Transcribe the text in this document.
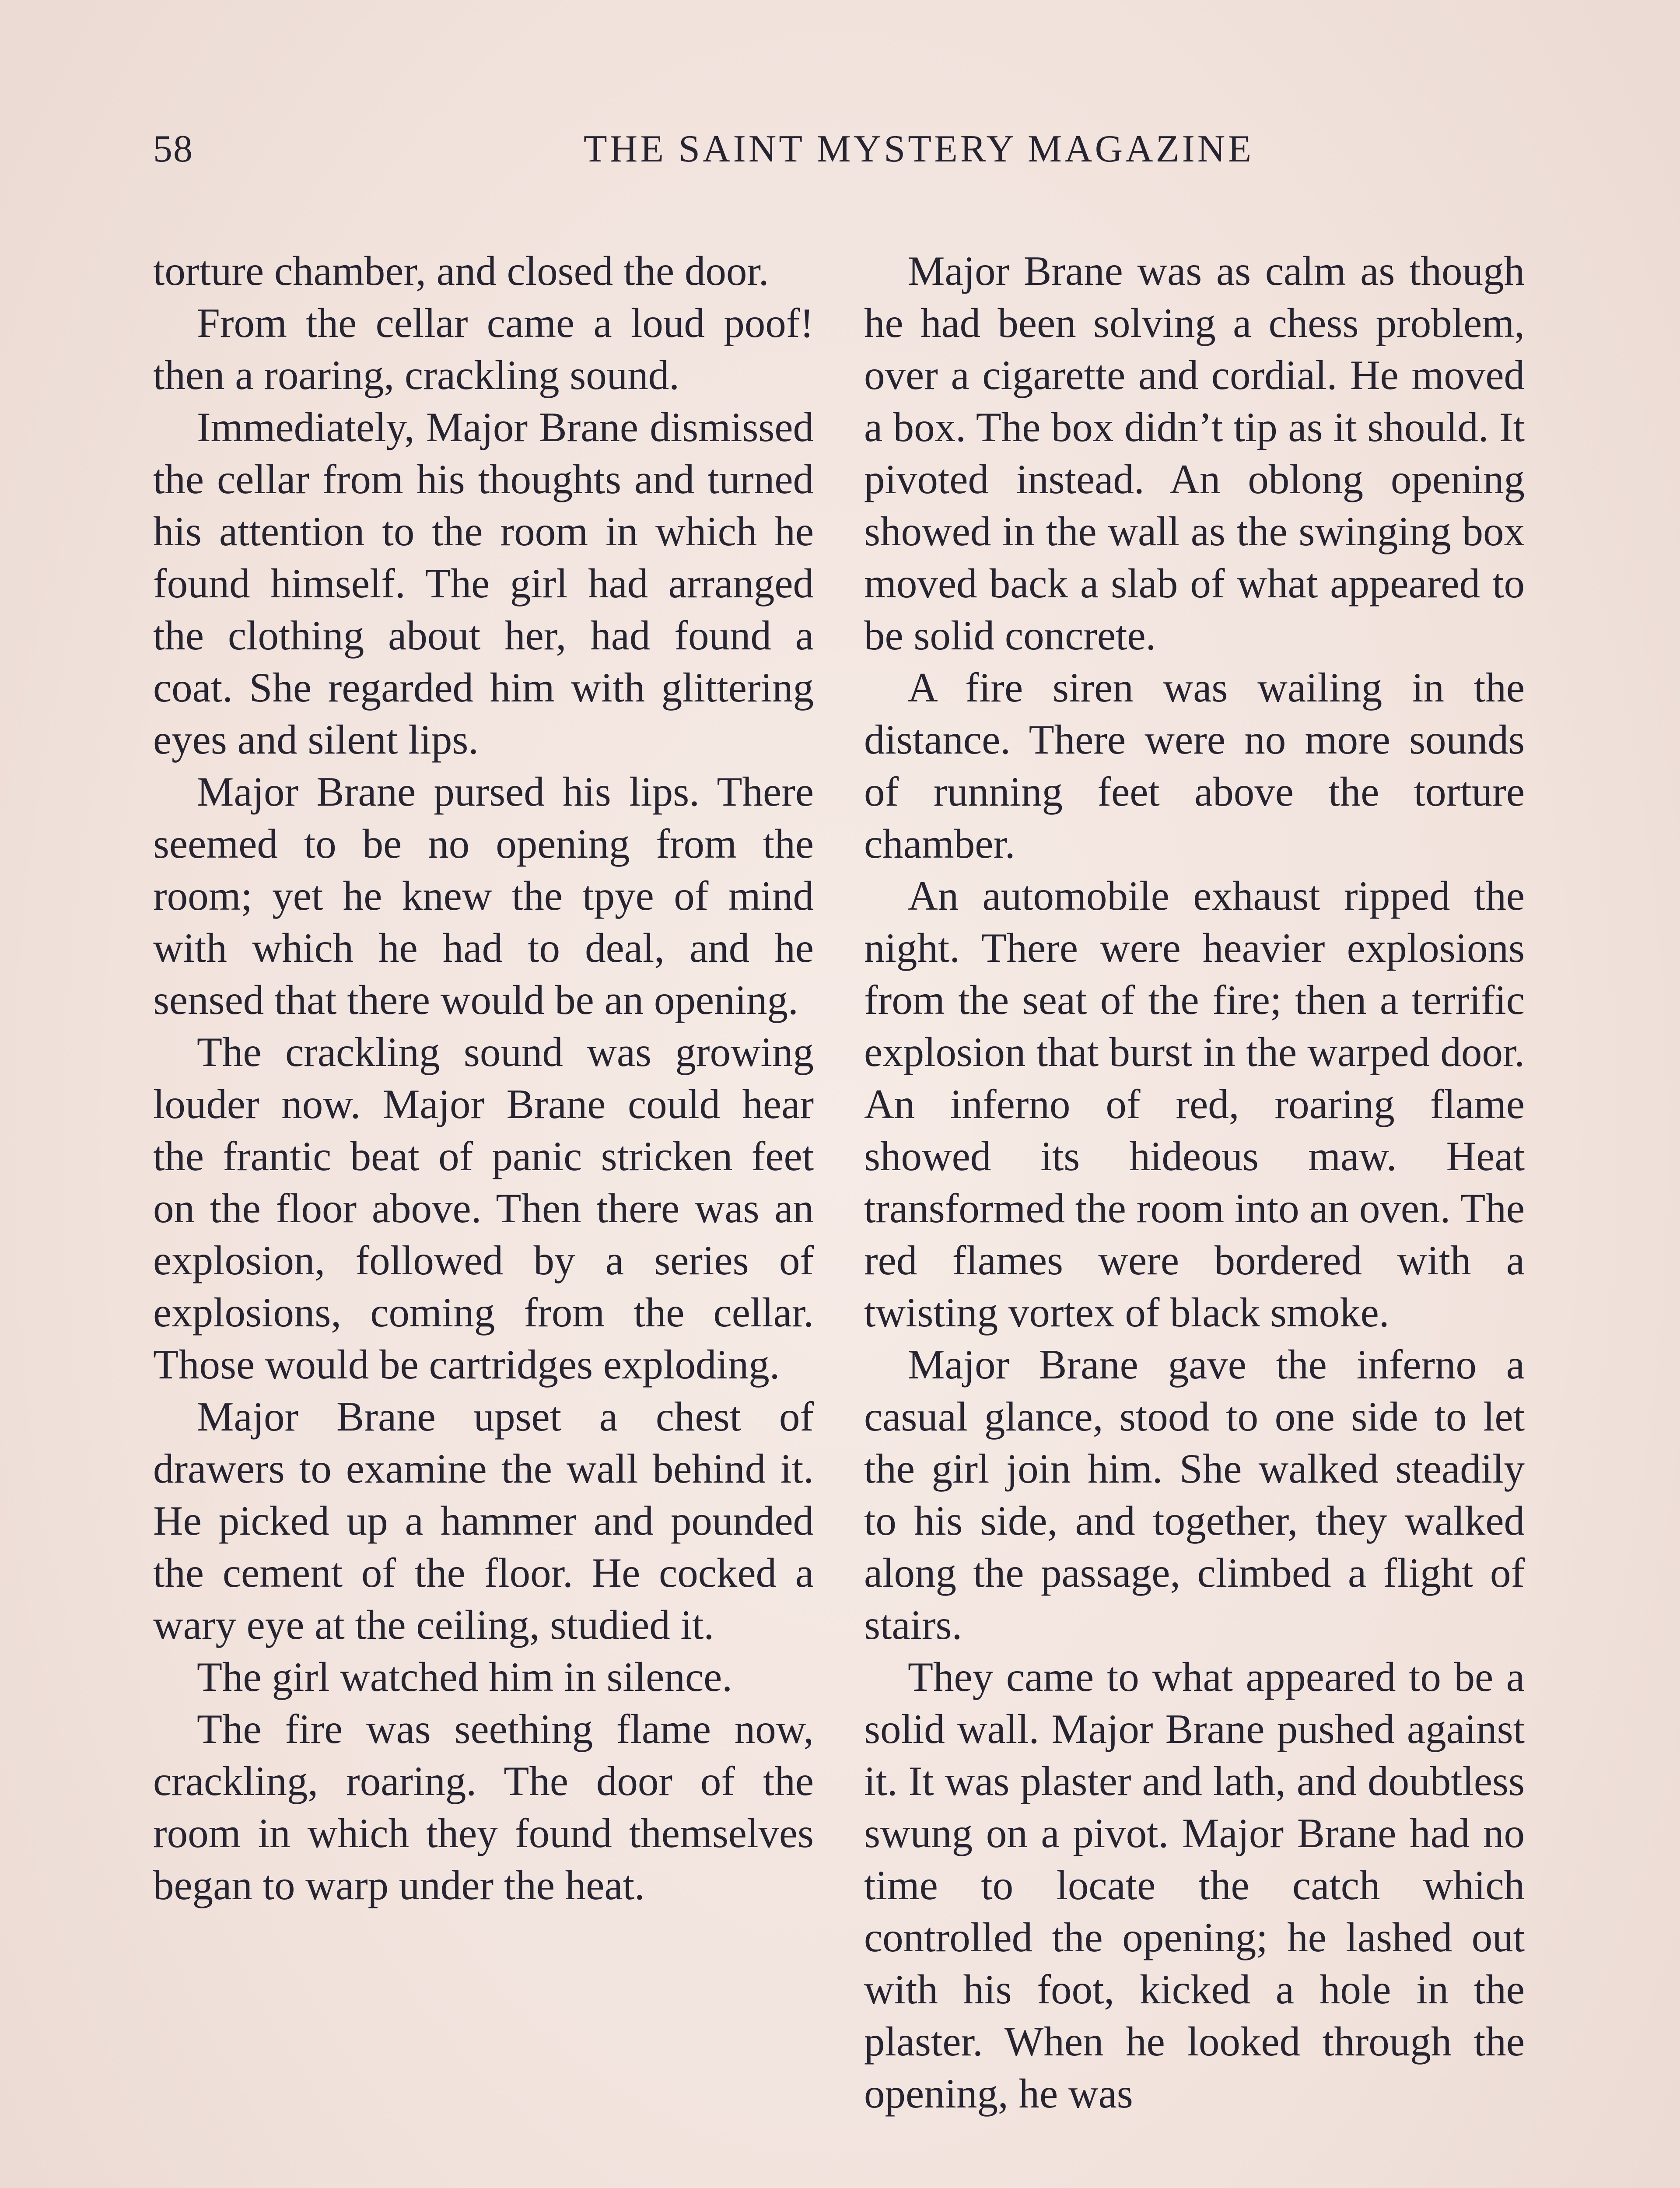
58	THE SAINT MYSTERY MAGAZINE

torture chamber, and closed the door.

From the cellar came a loud poof! then a roaring, crackling sound.

Immediately, Major Brane dismissed the cellar from his thoughts and turned his attention to the room in which he found himself. The girl had arranged the clothing about her, had found a coat. She regarded him with glittering eyes and silent lips.

Major Brane pursed his lips. There seemed to be no opening from the room; yet he knew the tpye of mind with which he had to deal, and he sensed that there would be an opening.

The crackling sound was growing louder now. Major Brane could hear the frantic beat of panic stricken feet on the floor above. Then there was an explosion, followed by a series of explosions, coming from the cellar. Those would be cartridges exploding.

Major Brane upset a chest of drawers to examine the wall behind it. He picked up a hammer and pounded the cement of the floor. He cocked a wary eye at the ceiling, studied it.

The girl watched him in silence.

The fire was seething flame now, crackling, roaring. The door of the room in which they found themselves began to warp under the heat.

Major Brane was as calm as though he had been solving a chess problem, over a cigarette and cordial. He moved a box. The box didn’t tip as it should. It pivoted instead. An oblong opening showed in the wall as the swinging box moved back a slab of what appeared to be solid concrete.

A fire siren was wailing in the distance. There were no more sounds of running feet above the torture chamber.

An automobile exhaust ripped the night. There were heavier explosions from the seat of the fire; then a terrific explosion that burst in the warped door. An inferno of red, roaring flame showed its hideous maw. Heat transformed the room into an oven. The red flames were bordered with a twisting vortex of black smoke.

Major Brane gave the inferno a casual glance, stood to one side to let the girl join him. She walked steadily to his side, and together, they walked along the passage, climbed a flight of stairs.

They came to what appeared to be a solid wall. Major Brane pushed against it. It was plaster and lath, and doubtless swung on a pivot. Major Brane had no time to locate the catch which controlled the opening; he lashed out with his foot, kicked a hole in the plaster. When he looked through the opening, he was
